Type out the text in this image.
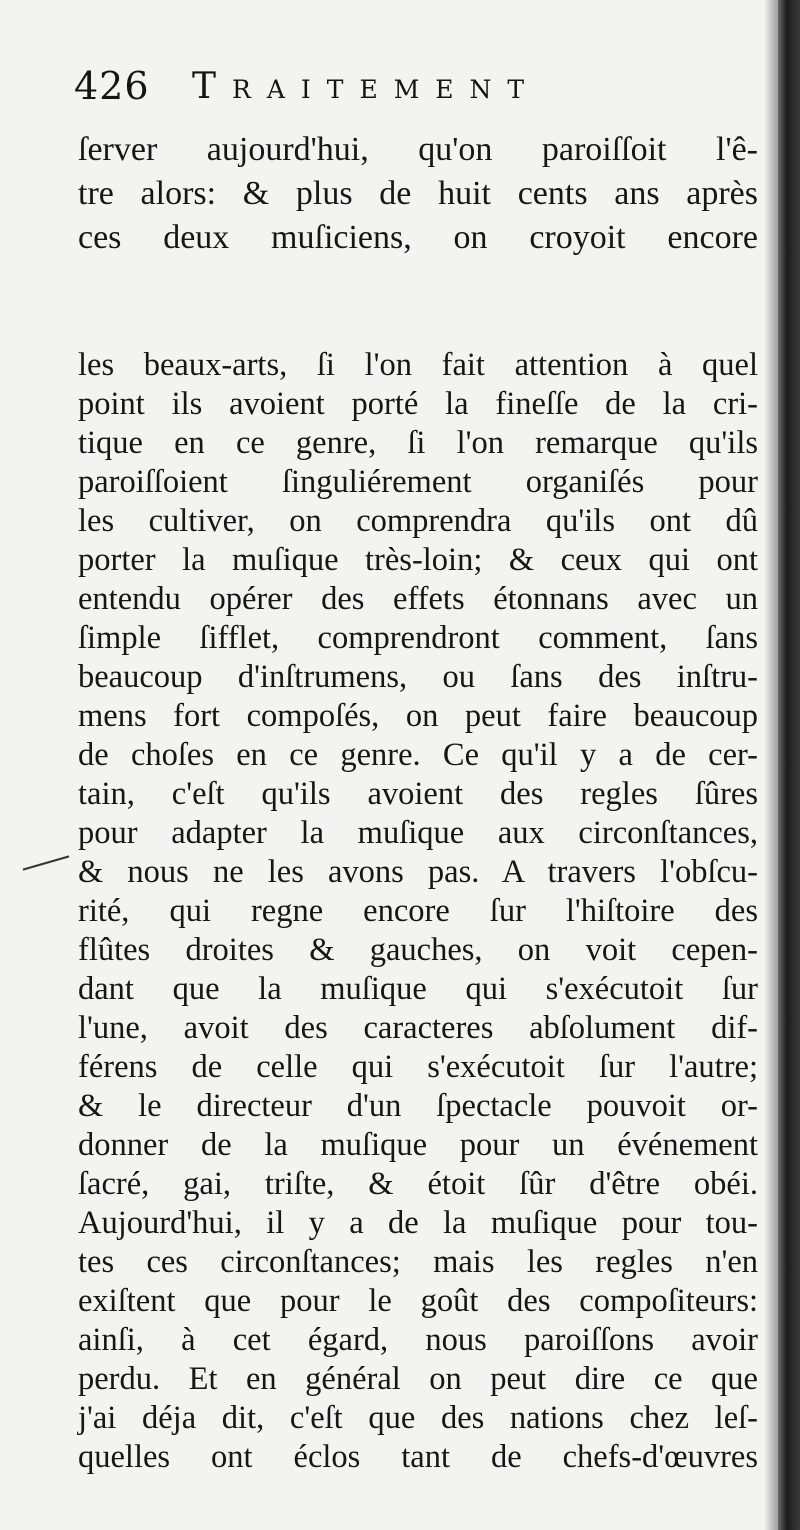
426 Traitement
ſerver aujourd'hui, qu'on paroiſſoit l'ê-
tre alors: & plus de huit cents ans après
ces deux muſiciens, on croyoit encore
les beaux-arts, ſi l'on fait attention à quel
point ils avoient porté la fineſſe de la cri-
tique en ce genre, ſi l'on remarque qu'ils
paroiſſoient ſinguliérement organiſés pour
les cultiver, on comprendra qu'ils ont dû
porter la muſique très-loin; & ceux qui ont
entendu opérer des effets étonnans avec un
ſimple ſifflet, comprendront comment, ſans
beaucoup d'inſtrumens, ou ſans des inſtru-
mens fort compoſés, on peut faire beaucoup
de choſes en ce genre. Ce qu'il y a de cer-
tain, c'eſt qu'ils avoient des regles ſûres
pour adapter la muſique aux circonſtances,
& nous ne les avons pas. A travers l'obſcu-
rité, qui regne encore ſur l'hiſtoire des
flûtes droites & gauches, on voit cepen-
dant que la muſique qui s'exécutoit ſur
l'une, avoit des caracteres abſolument dif-
férens de celle qui s'exécutoit ſur l'autre;
& le directeur d'un ſpectacle pouvoit or-
donner de la muſique pour un événement
ſacré, gai, triſte, & étoit ſûr d'être obéi.
Aujourd'hui, il y a de la muſique pour tou-
tes ces circonſtances; mais les regles n'en
exiſtent que pour le goût des compoſiteurs:
ainſi, à cet égard, nous paroiſſons avoir
perdu. Et en général on peut dire ce que
j'ai déja dit, c'eſt que des nations chez leſ-
quelles ont éclos tant de chefs-d'œuvres
